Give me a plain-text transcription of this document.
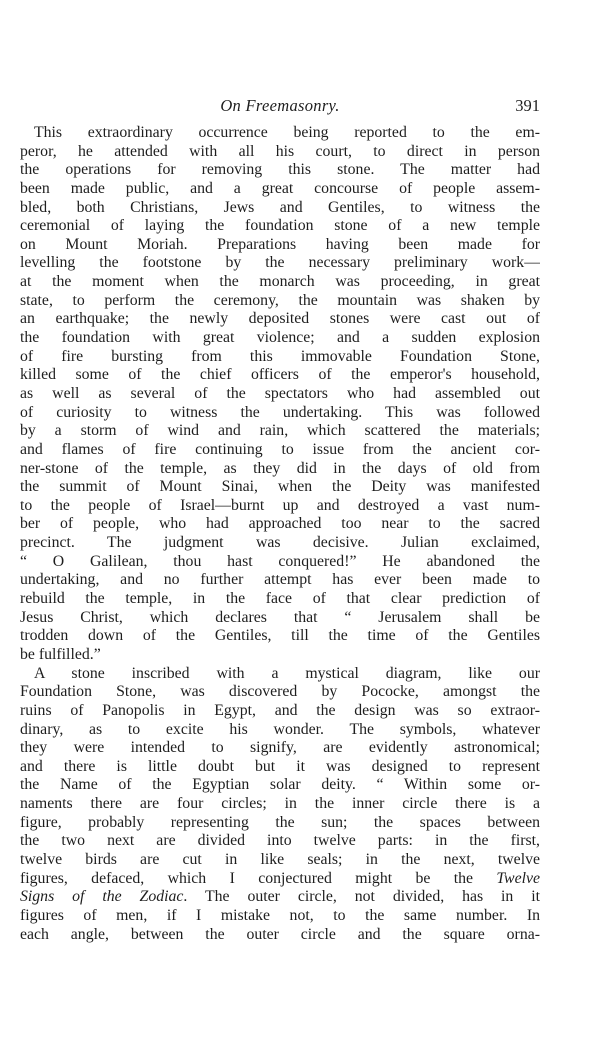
On Freemasonry.	391
This extraordinary occurrence being reported to the em-
peror, he attended with all his court, to direct in person
the operations for removing this stone. The matter had
been made public, and a great concourse of people assem-
bled, both Christians, Jews and Gentiles, to witness the
ceremonial of laying the foundation stone of a new temple
on Mount Moriah. Preparations having been made for
levelling the footstone by the necessary preliminary work—
at the moment when the monarch was proceeding, in great
state, to perform the ceremony, the mountain was shaken by
an earthquake; the newly deposited stones were cast out of
the foundation with great violence; and a sudden explosion
of fire bursting from this immovable Foundation Stone,
killed some of the chief officers of the emperor's household,
as well as several of the spectators who had assembled out
of curiosity to witness the undertaking. This was followed
by a storm of wind and rain, which scattered the materials;
and flames of fire continuing to issue from the ancient cor-
ner-stone of the temple, as they did in the days of old from
the summit of Mount Sinai, when the Deity was manifested
to the people of Israel—burnt up and destroyed a vast num-
ber of people, who had approached too near to the sacred
precinct. The judgment was decisive. Julian exclaimed,
“ O Galilean, thou hast conquered!” He abandoned the
undertaking, and no further attempt has ever been made to
rebuild the temple, in the face of that clear prediction of
Jesus Christ, which declares that “ Jerusalem shall be
trodden down of the Gentiles, till the time of the Gentiles
be fulfilled.”
A stone inscribed with a mystical diagram, like our
Foundation Stone, was discovered by Pococke, amongst the
ruins of Panopolis in Egypt, and the design was so extraor-
dinary, as to excite his wonder. The symbols, whatever
they were intended to signify, are evidently astronomical;
and there is little doubt but it was designed to represent
the Name of the Egyptian solar deity. “ Within some or-
naments there are four circles; in the inner circle there is a
figure, probably representing the sun; the spaces between
the two next are divided into twelve parts: in the first,
twelve birds are cut in like seals; in the next, twelve
figures, defaced, which I conjectured might be the Twelve
Signs of the Zodiac. The outer circle, not divided, has in it
figures of men, if I mistake not, to the same number. In
each angle, between the outer circle and the square orna-
